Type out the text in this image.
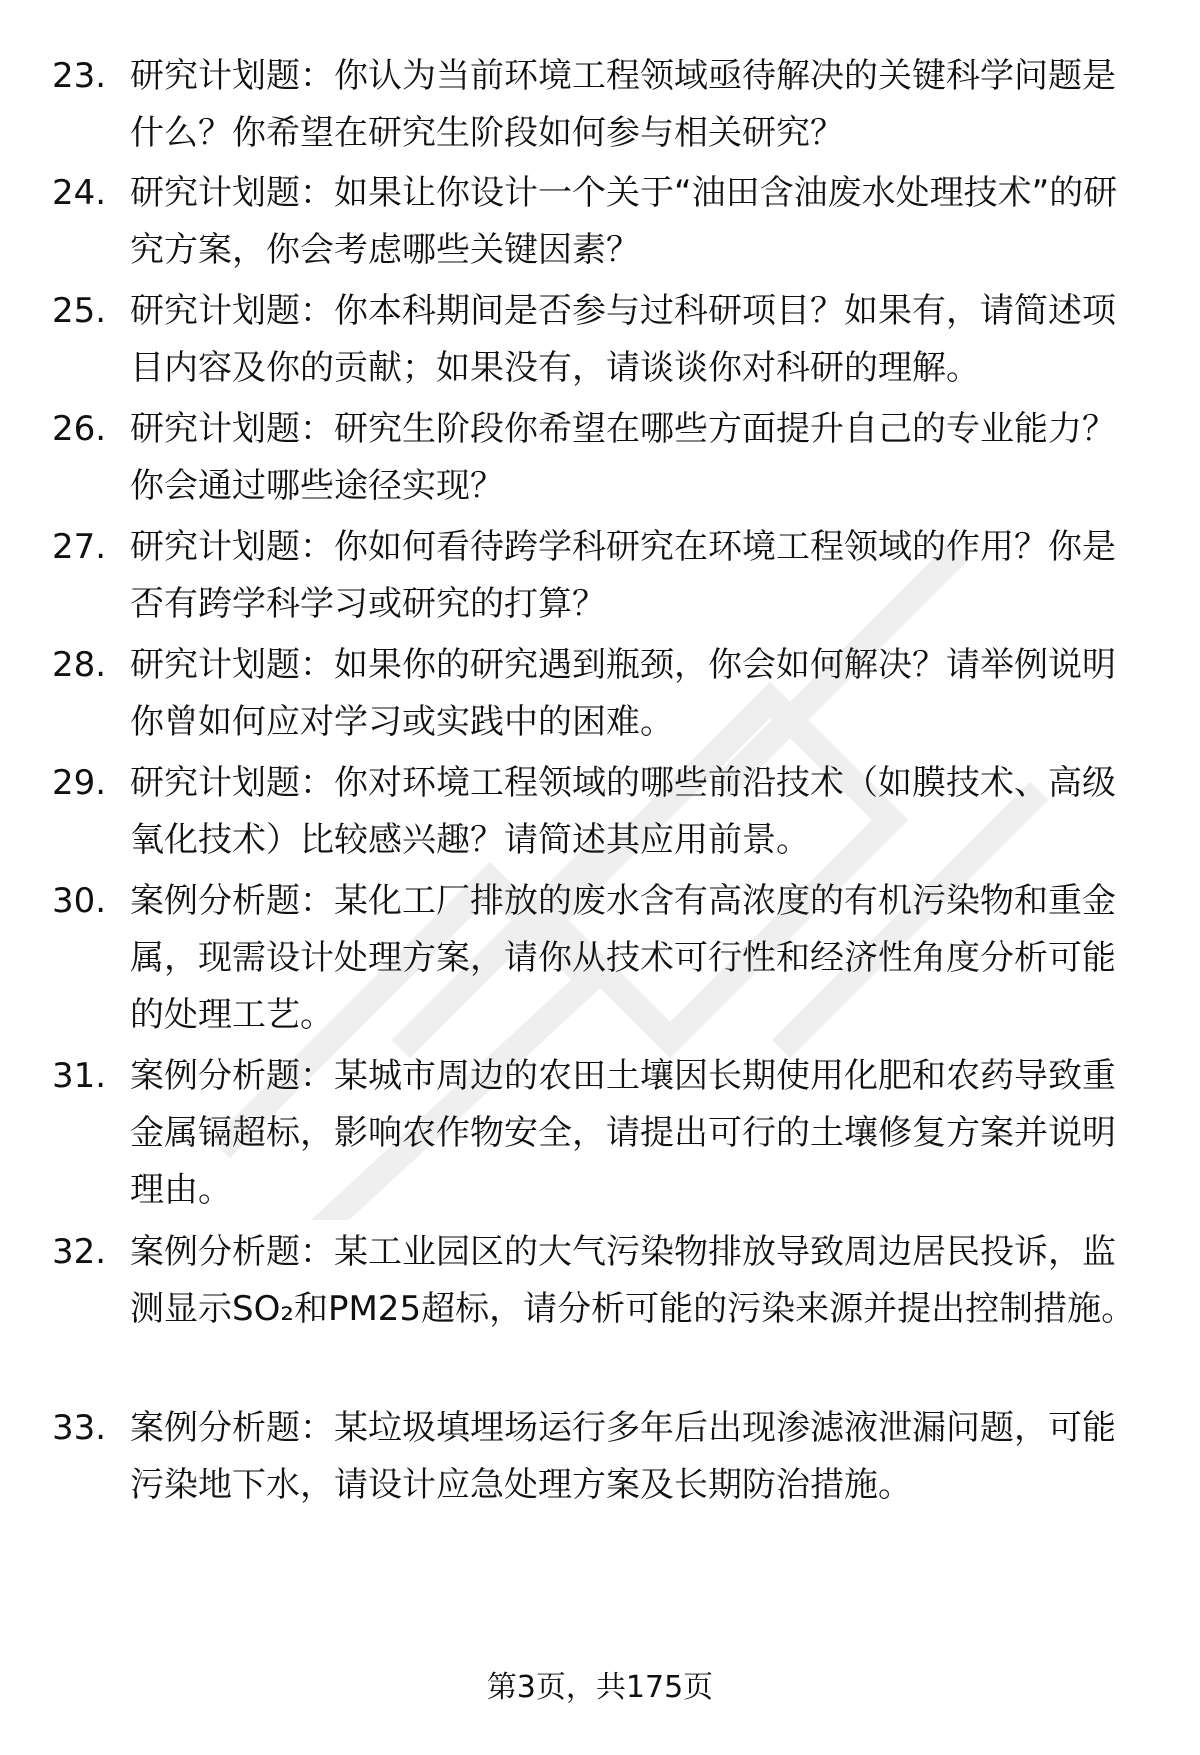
23. 研究计划题：你认为当前环境工程领域亟待解决的关键科学问题是什么？你希望在研究生阶段如何参与相关研究？
24. 研究计划题：如果让你设计一个关于“油田含油废水处理技术”的研究方案，你会考虑哪些关键因素？
25. 研究计划题：你本科期间是否参与过科研项目？如果有，请简述项目内容及你的贡献；如果没有，请谈谈你对科研的理解。
26. 研究计划题：研究生阶段你希望在哪些方面提升自己的专业能力？你会通过哪些途径实现？
27. 研究计划题：你如何看待跨学科研究在环境工程领域的作用？你是否有跨学科学习或研究的打算？
28. 研究计划题：如果你的研究遇到瓶颈，你会如何解决？请举例说明你曾如何应对学习或实践中的困难。
29. 研究计划题：你对环境工程领域的哪些前沿技术（如膜技术、高级氧化技术）比较感兴趣？请简述其应用前景。
30. 案例分析题：某化工厂排放的废水含有高浓度的有机污染物和重金属，现需设计处理方案，请你从技术可行性和经济性角度分析可能的处理工艺。
31. 案例分析题：某城市周边的农田土壤因长期使用化肥和农药导致重金属镉超标，影响农作物安全，请提出可行的土壤修复方案并说明理由。
32. 案例分析题：某工业园区的大气污染物排放导致周边居民投诉，监测显示SO₂和PM25超标，请分析可能的污染来源并提出控制措施。
33. 案例分析题：某垃圾填埋场运行多年后出现渗滤液泄漏问题，可能污染地下水，请设计应急处理方案及长期防治措施。
第3页，共175页
